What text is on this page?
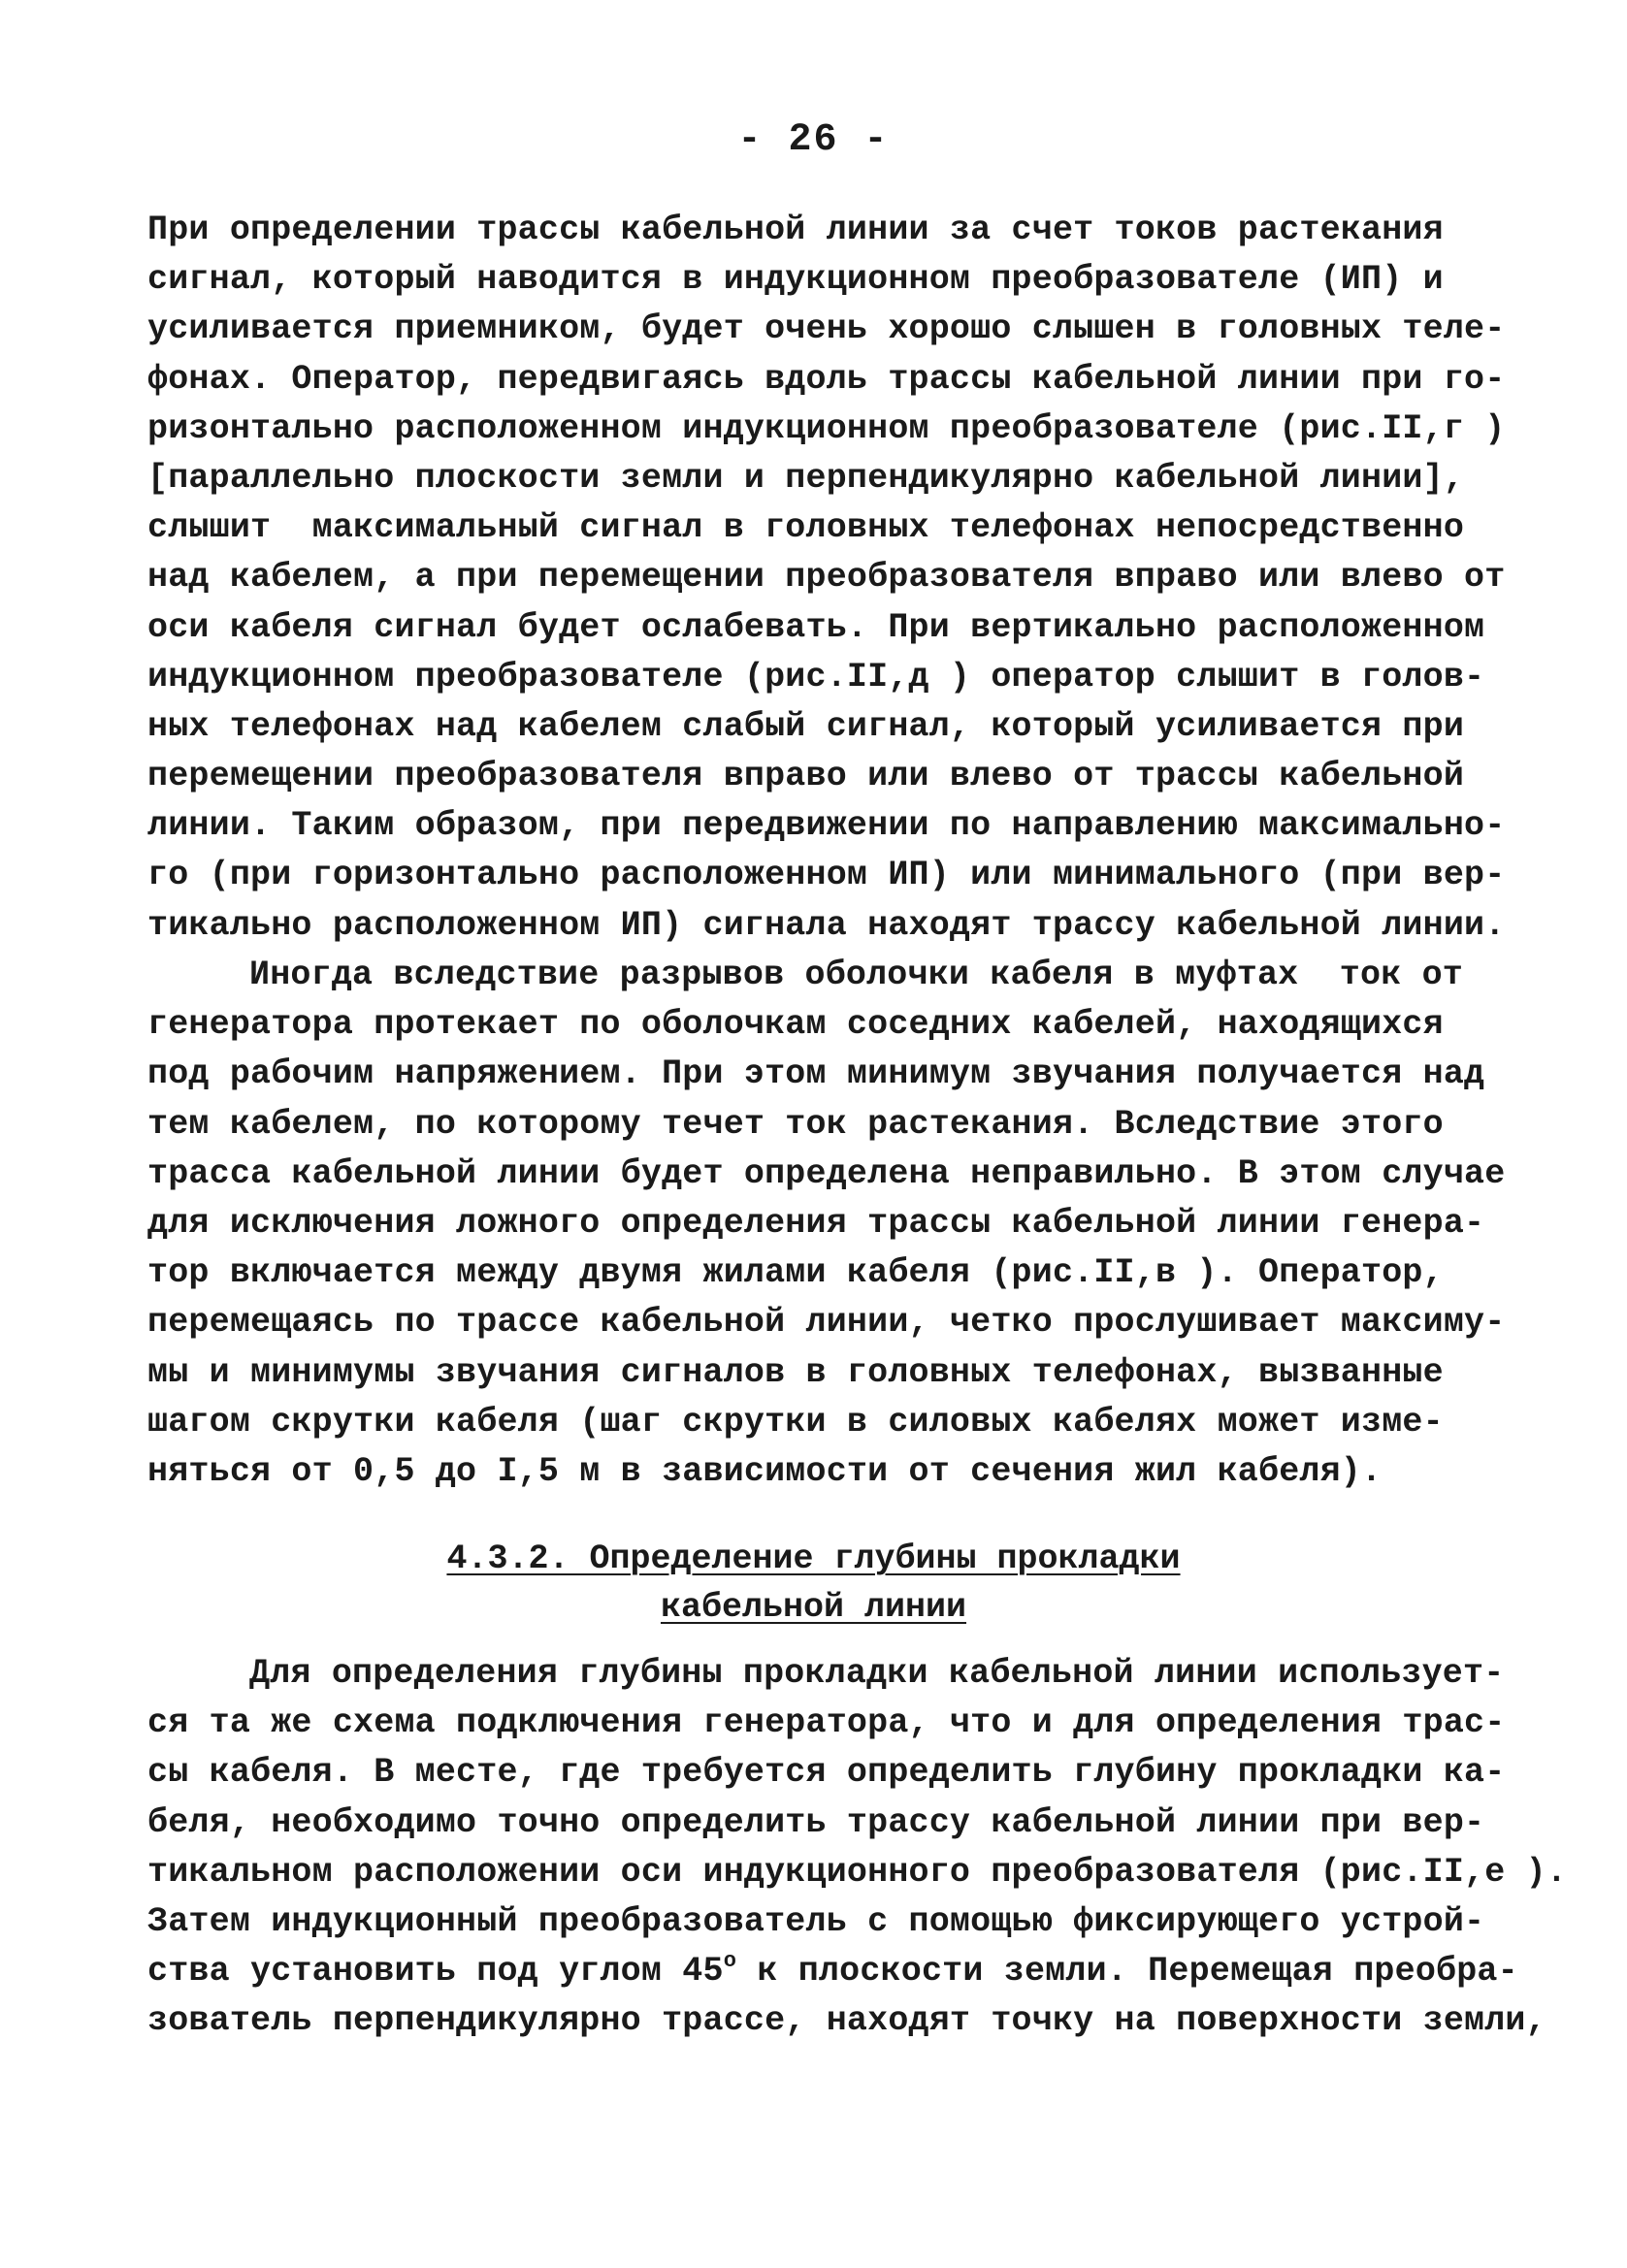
- 26 -
При определении трассы кабельной линии за счет токов растекания
сигнал, который наводится в индукционном преобразователе (ИП) и
усиливается приемником, будет очень хорошо слышен в головных теле-
фонах. Оператор, передвигаясь вдоль трассы кабельной линии при го-
ризонтально расположенном индукционном преобразователе (рис.II,г )
[параллельно плоскости земли и перпендикулярно кабельной линии],
слышит  максимальный сигнал в головных телефонах непосредственно
над кабелем, а при перемещении преобразователя вправо или влево от
оси кабеля сигнал будет ослабевать. При вертикально расположенном
индукционном преобразователе (рис.II,д ) оператор слышит в голов-
ных телефонах над кабелем слабый сигнал, который усиливается при
перемещении преобразователя вправо или влево от трассы кабельной
линии. Таким образом, при передвижении по направлению максимально-
го (при горизонтально расположенном ИП) или минимального (при вер-
тикально расположенном ИП) сигнала находят трассу кабельной линии.
Иногда вследствие разрывов оболочки кабеля в муфтах  ток от
генератора протекает по оболочкам соседних кабелей, находящихся
под рабочим напряжением. При этом минимум звучания получается над
тем кабелем, по которому течет ток растекания. Вследствие этого
трасса кабельной линии будет определена неправильно. В этом случае
для исключения ложного определения трассы кабельной линии генера-
тор включается между двумя жилами кабеля (рис.II,в ). Оператор,
перемещаясь по трассе кабельной линии, четко прослушивает максиму-
мы и минимумы звучания сигналов в головных телефонах, вызванные
шагом скрутки кабеля (шаг скрутки в силовых кабелях может изме-
няться от 0,5 до I,5 м в зависимости от сечения жил кабеля).
4.3.2. Определение глубины прокладки
кабельной линии
Для определения глубины прокладки кабельной линии использует-
ся та же схема подключения генератора, что и для определения трас-
сы кабеля. В месте, где требуется определить глубину прокладки ка-
беля, необходимо точно определить трассу кабельной линии при вер-
тикальном расположении оси индукционного преобразователя (рис.II,е ).
Затем индукционный преобразователь с помощью фиксирующего устрой-
ства установить под углом $45^о$ к плоскости земли. Перемещая преобра-
зователь перпендикулярно трассе, находят точку на поверхности земли,
